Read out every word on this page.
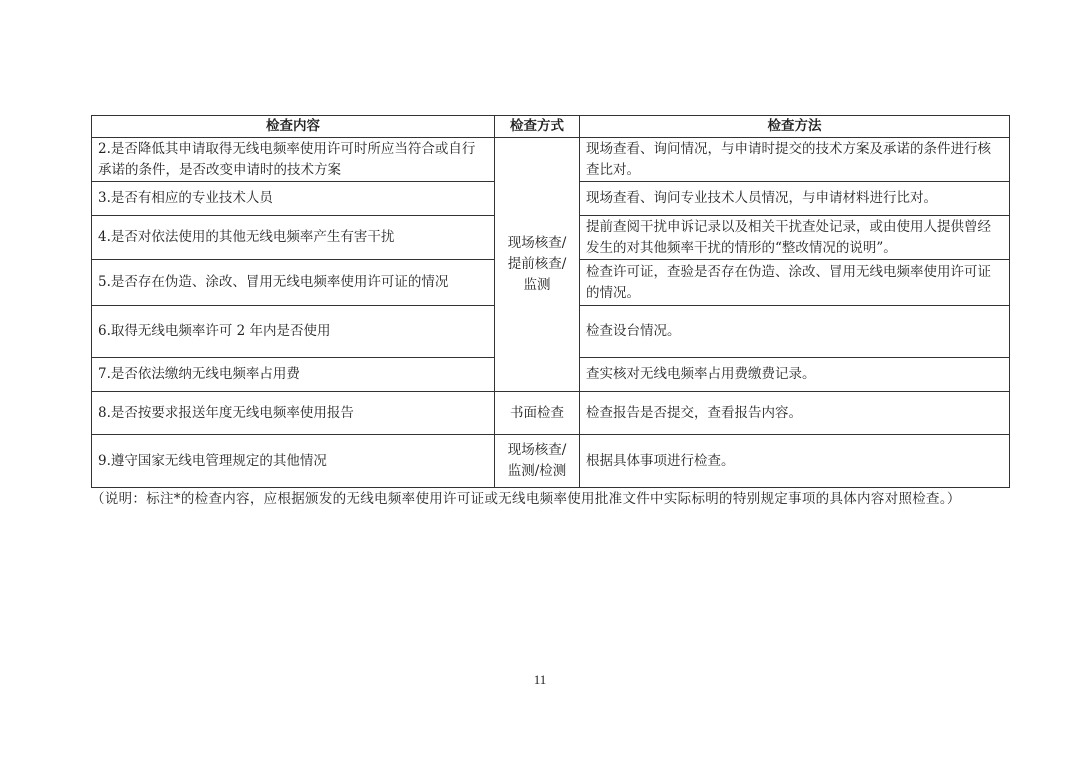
检查内容	检查方式	检查方法
2.是否降低其申请取得无线电频率使用许可时所应当符合或自行承诺的条件，是否改变申请时的技术方案	现场核查/
提前核查/
监测	现场查看、询问情况，与申请时提交的技术方案及承诺的条件进行核查比对。
3.是否有相应的专业技术人员		现场查看、询问专业技术人员情况，与申请材料进行比对。
4.是否对依法使用的其他无线电频率产生有害干扰		提前查阅干扰申诉记录以及相关干扰查处记录，或由使用人提供曾经发生的对其他频率干扰的情形的“整改情况的说明”。
5.是否存在伪造、涂改、冒用无线电频率使用许可证的情况		检查许可证，查验是否存在伪造、涂改、冒用无线电频率使用许可证的情况。
6.取得无线电频率许可 2 年内是否使用		检查设台情况。
7.是否依法缴纳无线电频率占用费		查实核对无线电频率占用费缴费记录。
8.是否按要求报送年度无线电频率使用报告	书面检查	检查报告是否提交，查看报告内容。
9.遵守国家无线电管理规定的其他情况	现场核查/
监测/检测	根据具体事项进行检查。
（说明：标注*的检查内容，应根据颁发的无线电频率使用许可证或无线电频率使用批准文件中实际标明的特别规定事项的具体内容对照检查。）
11
